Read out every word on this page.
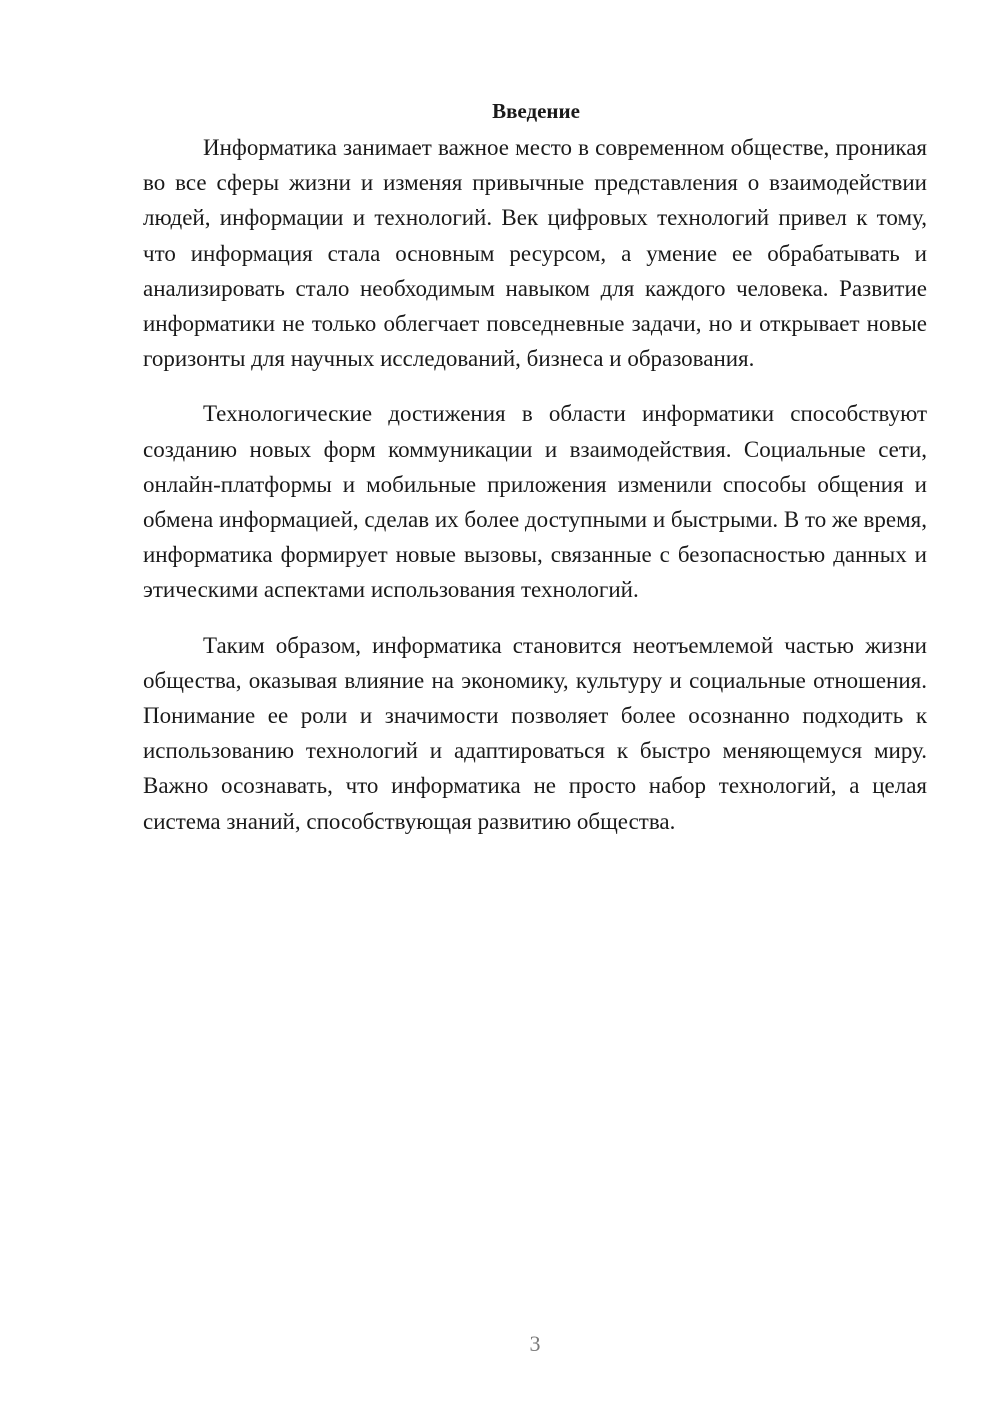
Введение

Информатика занимает важное место в современном обществе, проникая во все сферы жизни и изменяя привычные представления о взаимодействии людей, информации и технологий. Век цифровых технологий привел к тому, что информация стала основным ресурсом, а умение ее обрабатывать и анализировать стало необходимым навыком для каждого человека. Развитие информатики не только облегчает повседневные задачи, но и открывает новые горизонты для научных исследований, бизнеса и образования.

Технологические достижения в области информатики способствуют созданию новых форм коммуникации и взаимодействия. Социальные сети, онлайн-платформы и мобильные приложения изменили способы общения и обмена информацией, сделав их более доступными и быстрыми. В то же время, информатика формирует новые вызовы, связанные с безопасностью данных и этическими аспектами использования технологий.

Таким образом, информатика становится неотъемлемой частью жизни общества, оказывая влияние на экономику, культуру и социальные отношения. Понимание ее роли и значимости позволяет более осознанно подходить к использованию технологий и адаптироваться к быстро меняющемуся миру. Важно осознавать, что информатика не просто набор технологий, а целая система знаний, способствующая развитию общества.

3
